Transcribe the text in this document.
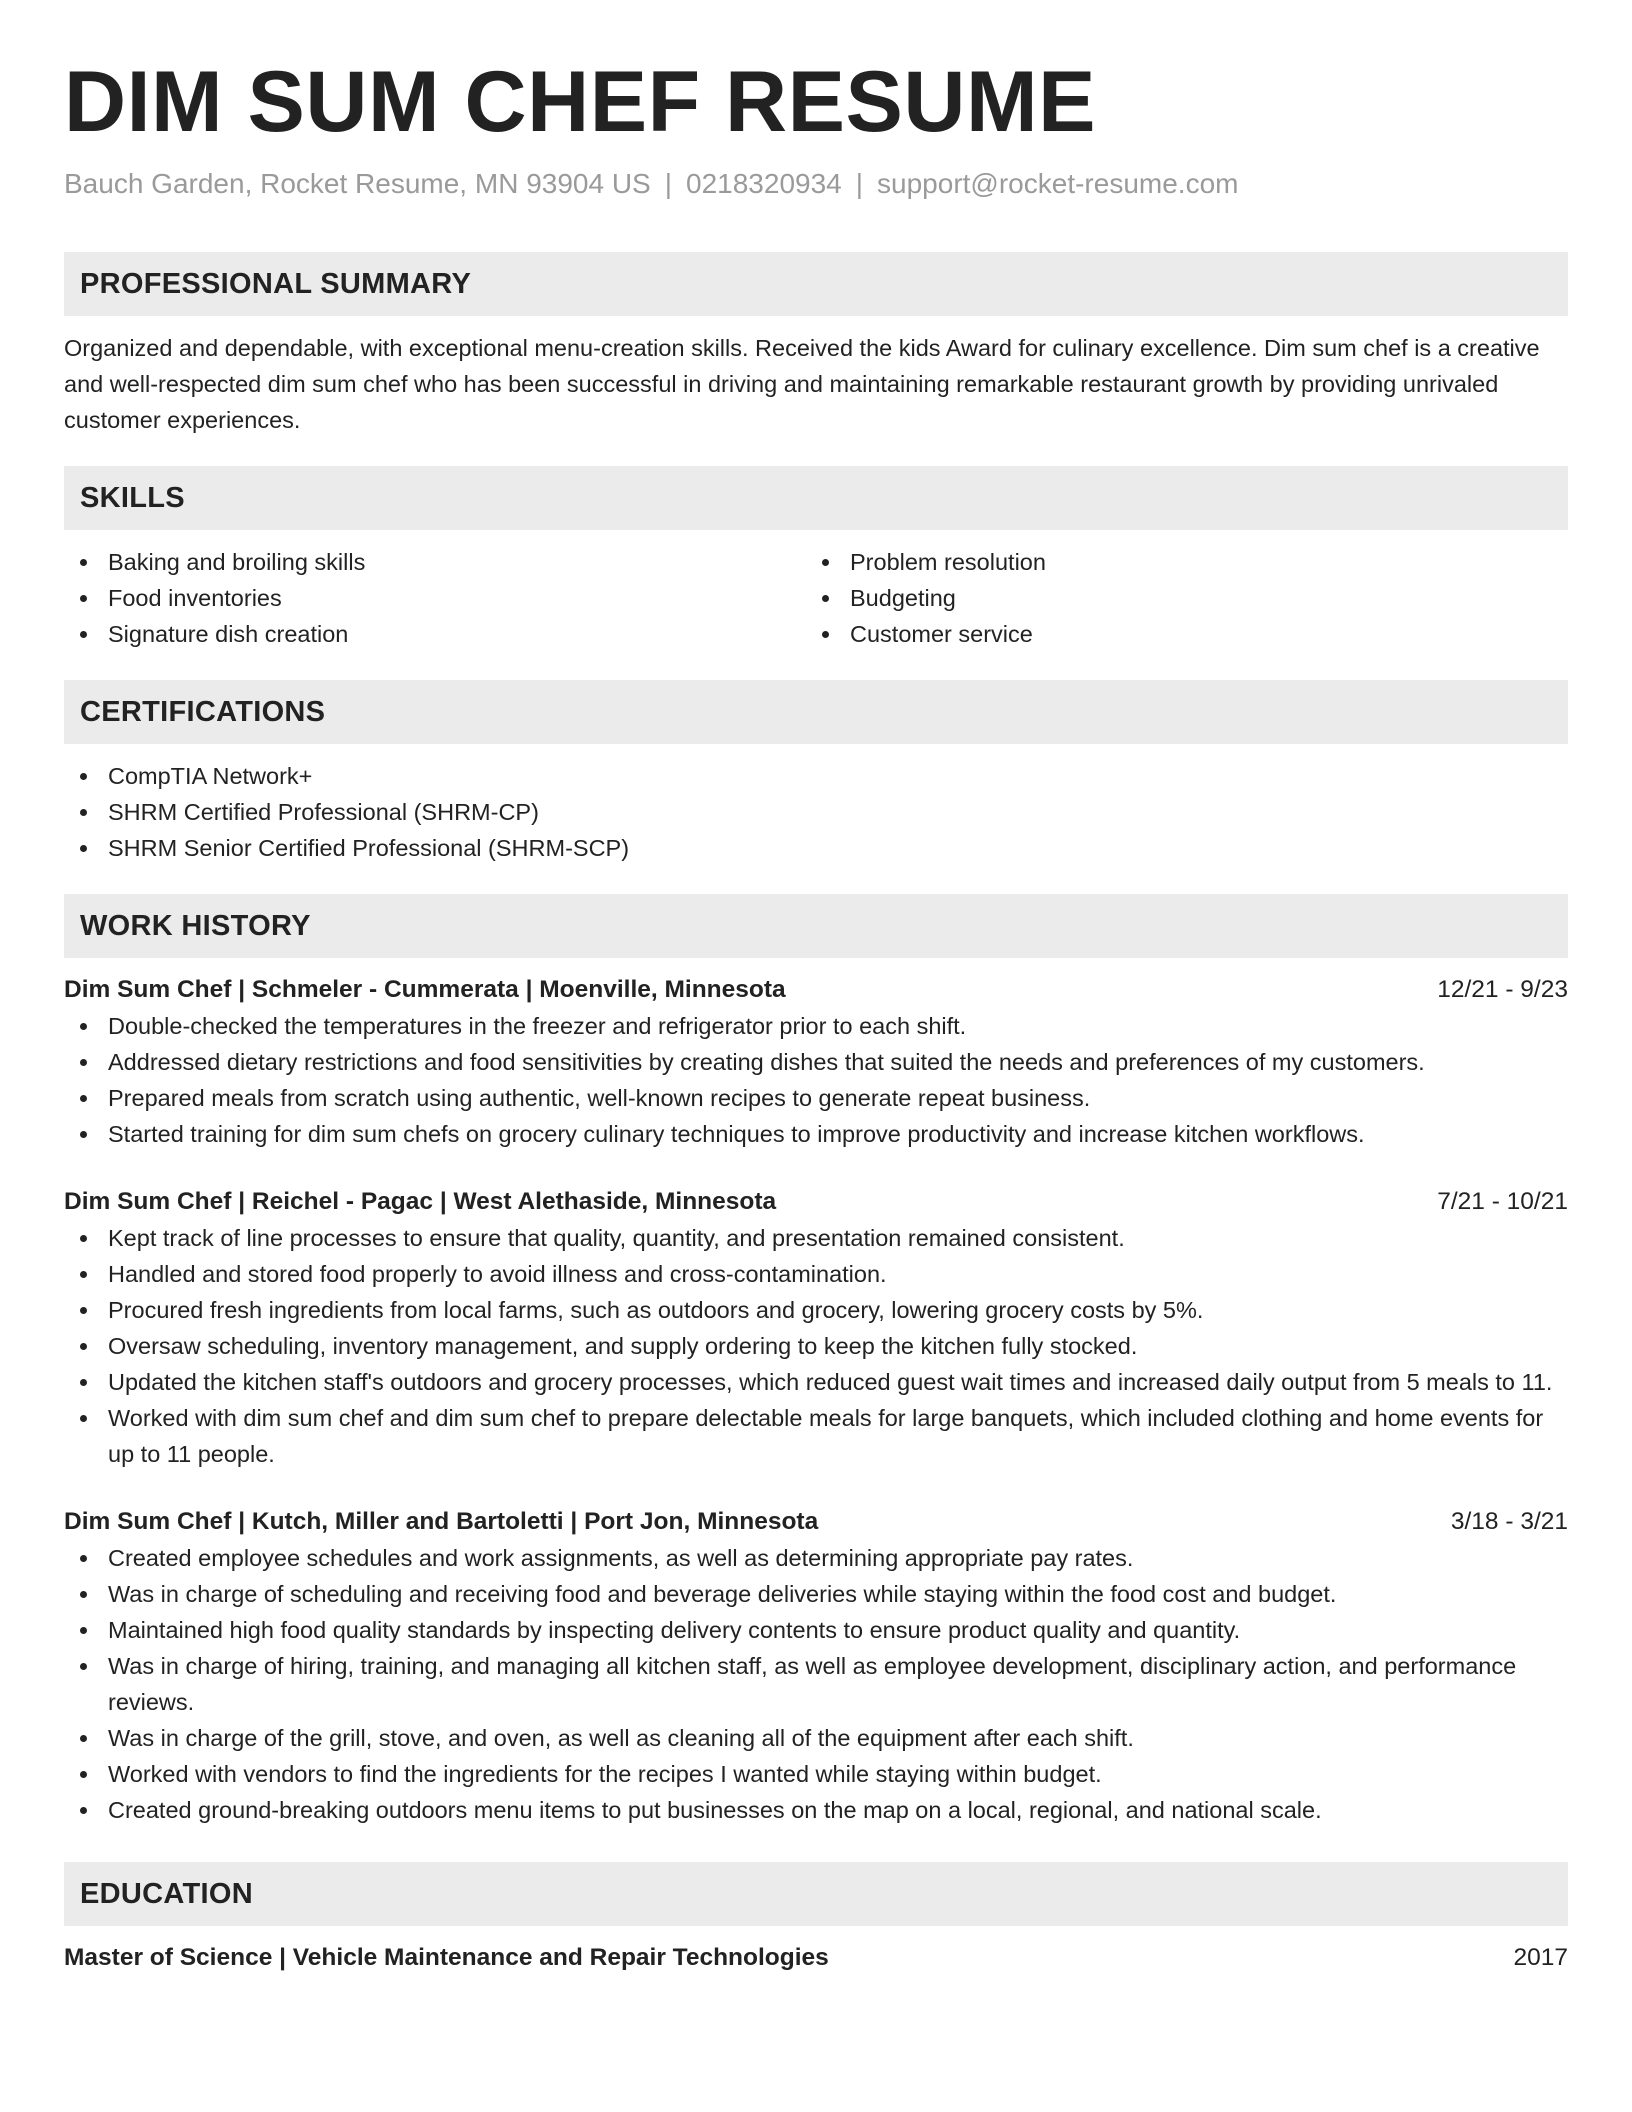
DIM SUM CHEF RESUME
Bauch Garden, Rocket Resume, MN 93904 US | 0218320934 | support@rocket-resume.com
PROFESSIONAL SUMMARY

Organized and dependable, with exceptional menu-creation skills. Received the kids Award for culinary excellence. Dim sum chef is a creative and well-respected dim sum chef who has been successful in driving and maintaining remarkable restaurant growth by providing unrivaled customer experiences.

SKILLS
Baking and broiling skills
Food inventories
Signature dish creation
Problem resolution
Budgeting
Customer service
CERTIFICATIONS
CompTIA Network+
SHRM Certified Professional (SHRM-CP)
SHRM Senior Certified Professional (SHRM-SCP)
WORK HISTORY
Dim Sum Chef | Schmeler - Cummerata | Moenville, Minnesota	12/21 - 9/23
Double-checked the temperatures in the freezer and refrigerator prior to each shift.
Addressed dietary restrictions and food sensitivities by creating dishes that suited the needs and preferences of my customers.
Prepared meals from scratch using authentic, well-known recipes to generate repeat business.
Started training for dim sum chefs on grocery culinary techniques to improve productivity and increase kitchen workflows.
Dim Sum Chef | Reichel - Pagac | West Alethaside, Minnesota	7/21 - 10/21
Kept track of line processes to ensure that quality, quantity, and presentation remained consistent.
Handled and stored food properly to avoid illness and cross-contamination.
Procured fresh ingredients from local farms, such as outdoors and grocery, lowering grocery costs by 5%.
Oversaw scheduling, inventory management, and supply ordering to keep the kitchen fully stocked.
Updated the kitchen staff's outdoors and grocery processes, which reduced guest wait times and increased daily output from 5 meals to 11.
Worked with dim sum chef and dim sum chef to prepare delectable meals for large banquets, which included clothing and home events for up to 11 people.
Dim Sum Chef | Kutch, Miller and Bartoletti | Port Jon, Minnesota	3/18 - 3/21
Created employee schedules and work assignments, as well as determining appropriate pay rates.
Was in charge of scheduling and receiving food and beverage deliveries while staying within the food cost and budget.
Maintained high food quality standards by inspecting delivery contents to ensure product quality and quantity.
Was in charge of hiring, training, and managing all kitchen staff, as well as employee development, disciplinary action, and performance reviews.
Was in charge of the grill, stove, and oven, as well as cleaning all of the equipment after each shift.
Worked with vendors to find the ingredients for the recipes I wanted while staying within budget.
Created ground-breaking outdoors menu items to put businesses on the map on a local, regional, and national scale.
EDUCATION
Master of Science | Vehicle Maintenance and Repair Technologies	2017
